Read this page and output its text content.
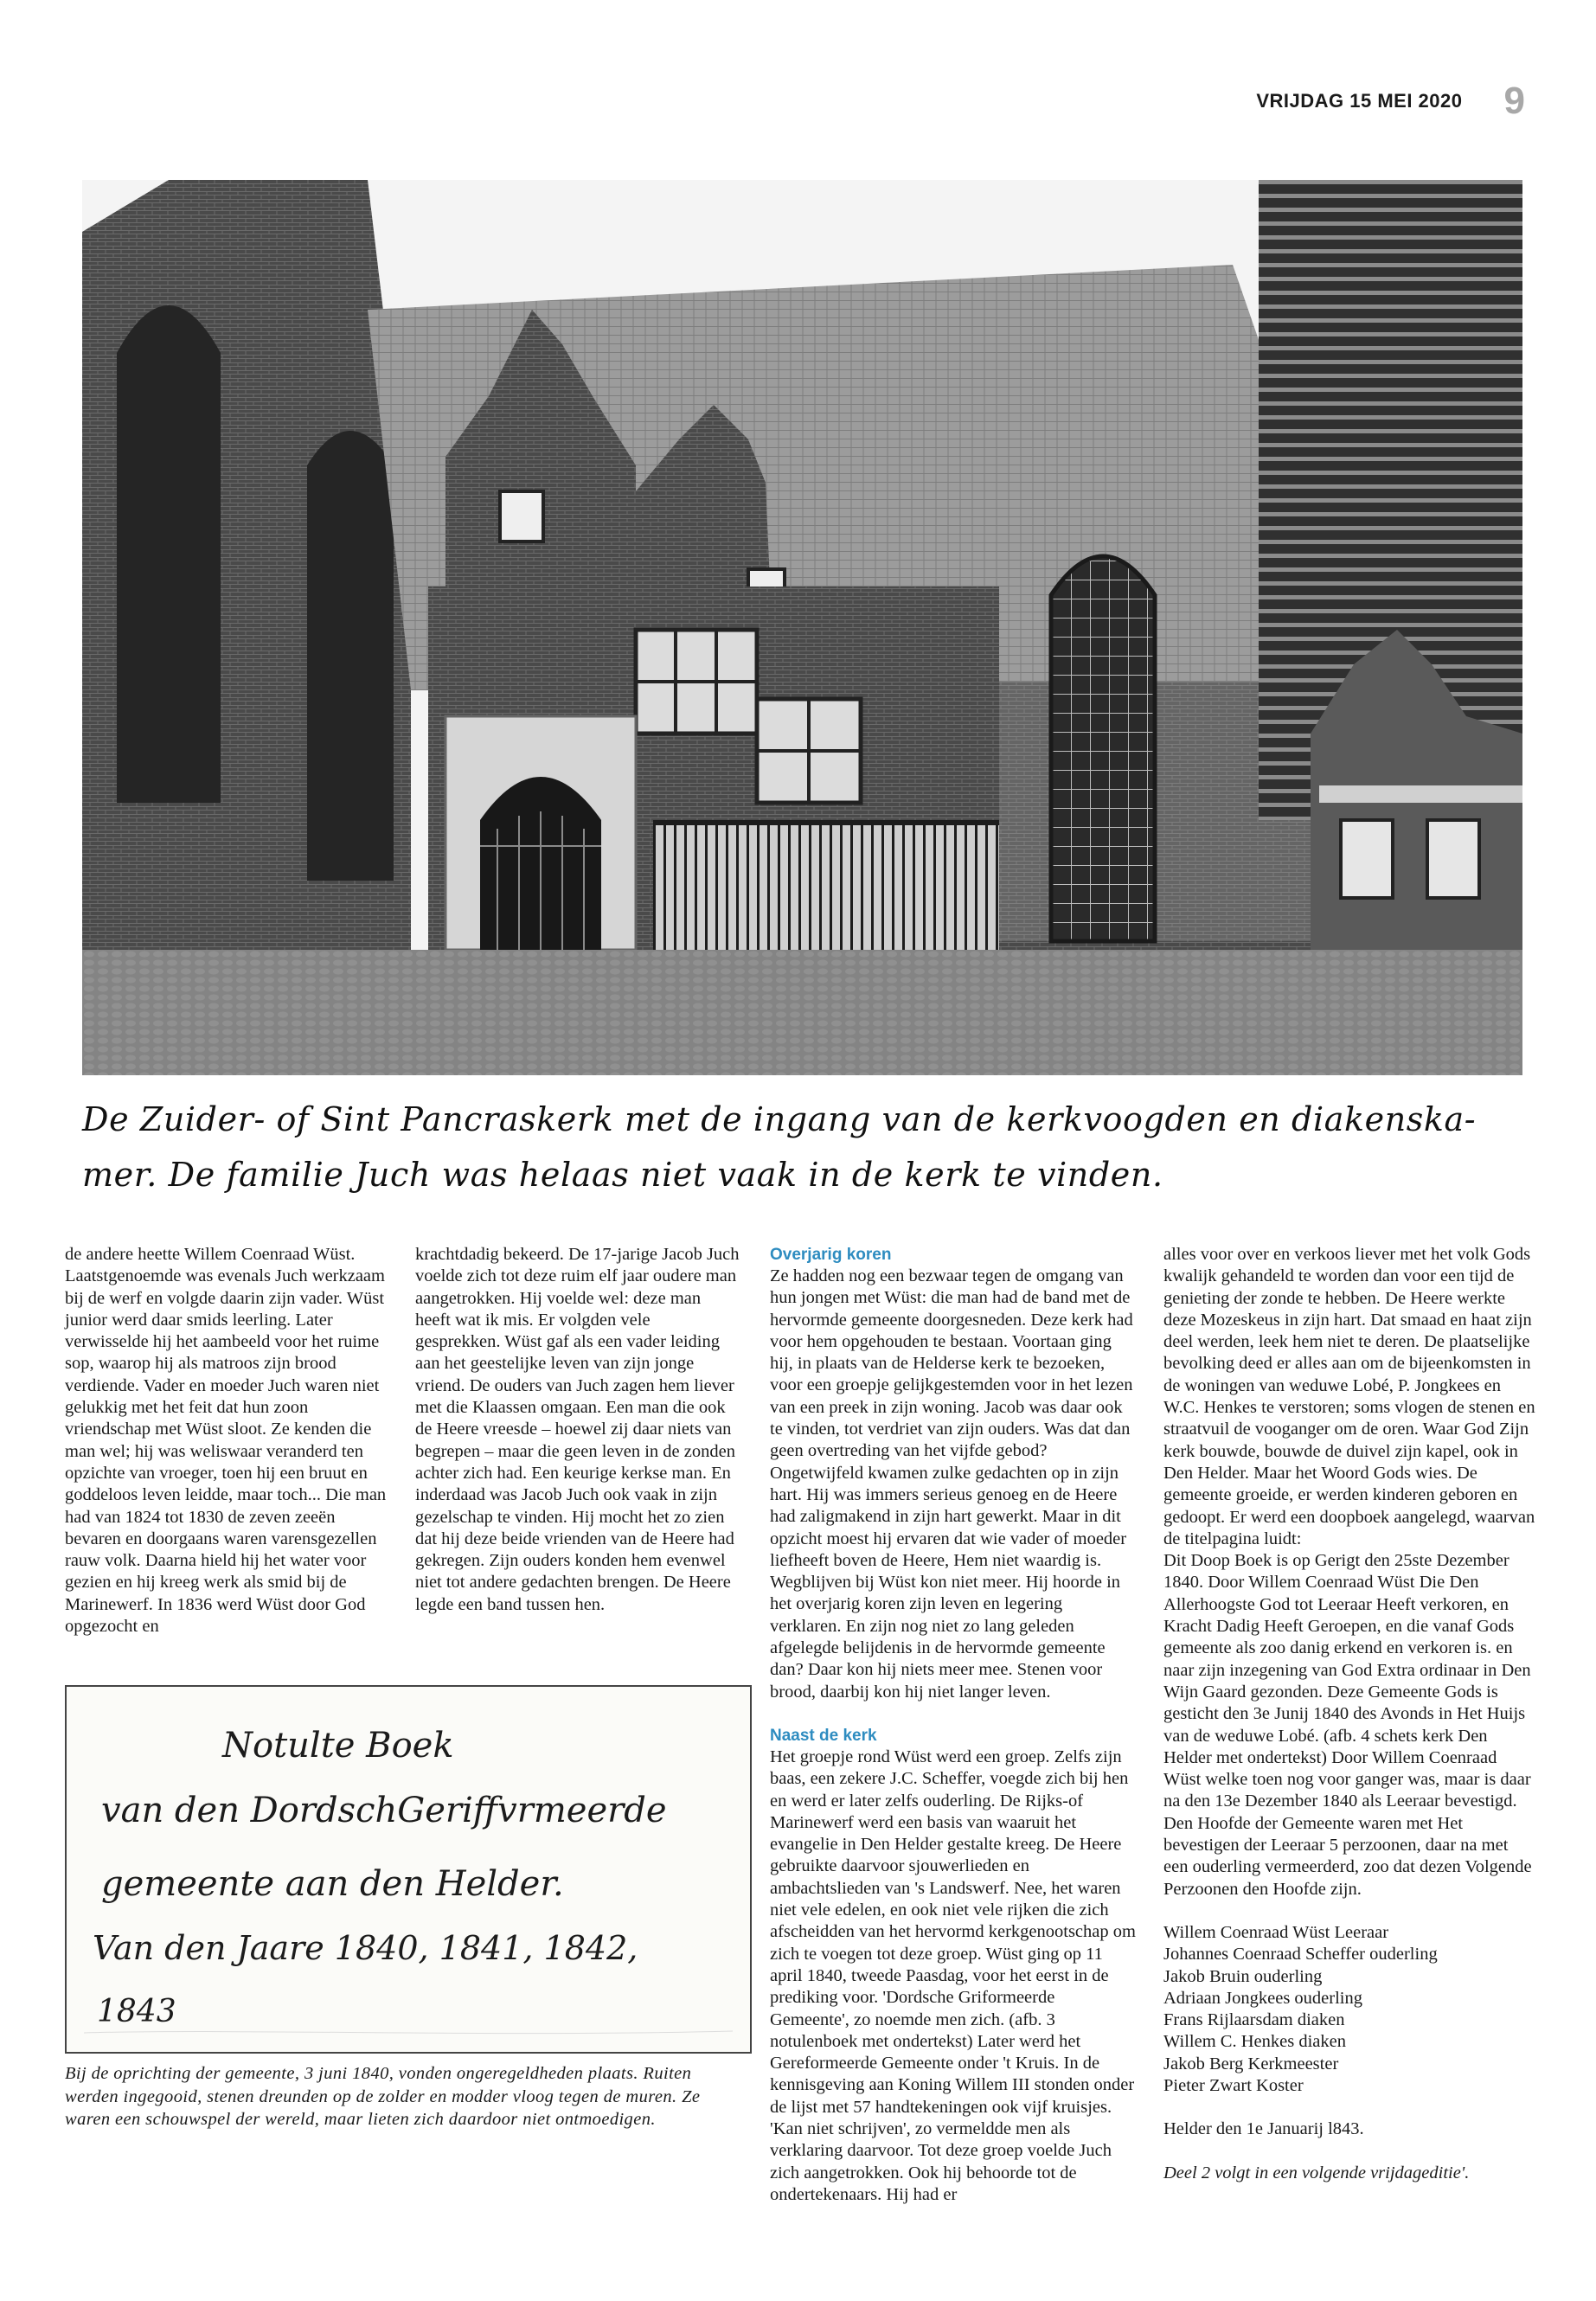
VRIJDAG 15 MEI 2020 9
De Zuider- of Sint Pancraskerk met de ingang van de kerkvoogden en diakenska-
mer. De familie Juch was helaas niet vaak in de kerk te vinden.

de andere heette Willem Coenraad Wüst. Laatstgenoemde was evenals Juch werkzaam bij de werf en volgde daarin zijn vader. Wüst junior werd daar smids leerling. Later verwisselde hij het aambeeld voor het ruime sop, waarop hij als matroos zijn brood verdiende. Vader en moeder Juch waren niet gelukkig met het feit dat hun zoon vriendschap met Wüst sloot. Ze kenden die man wel; hij was weliswaar veranderd ten opzichte van vroeger, toen hij een bruut en goddeloos leven leidde, maar toch... Die man had van 1824 tot 1830 de zeven zeeën bevaren en doorgaans waren varensgezellen rauw volk. Daarna hield hij het water voor gezien en hij kreeg werk als smid bij de Marinewerf. In 1836 werd Wüst door God opgezocht en

krachtdadig bekeerd. De 17-jarige Jacob Juch voelde zich tot deze ruim elf jaar oudere man aangetrokken. Hij voelde wel: deze man heeft wat ik mis. Er volgden vele gesprekken. Wüst gaf als een vader leiding aan het geestelijke leven van zijn jonge vriend. De ouders van Juch zagen hem liever met die Klaassen omgaan. Een man die ook de Heere vreesde – hoewel zij daar niets van begrepen – maar die geen leven in de zonden achter zich had. Een keurige kerkse man. En inderdaad was Jacob Juch ook vaak in zijn gezelschap te vinden. Hij mocht het zo zien dat hij deze beide vrienden van de Heere had gekregen. Zijn ouders konden hem evenwel niet tot andere gedachten brengen. De Heere legde een band tussen hen.

Overjarig koren

Ze hadden nog een bezwaar tegen de omgang van hun jongen met Wüst: die man had de band met de hervormde gemeente doorgesneden. Deze kerk had voor hem opgehouden te bestaan. Voortaan ging hij, in plaats van de Helderse kerk te bezoeken, voor een groepje gelijkgestemden voor in het lezen van een preek in zijn woning. Jacob was daar ook te vinden, tot verdriet van zijn ouders. Was dat dan geen overtreding van het vijfde gebod? Ongetwijfeld kwamen zulke gedachten op in zijn hart. Hij was immers serieus genoeg en de Heere had zaligmakend in zijn hart gewerkt. Maar in dit opzicht moest hij ervaren dat wie vader of moeder liefheeft boven de Heere, Hem niet waardig is. Wegblijven bij Wüst kon niet meer. Hij hoorde in het overjarig koren zijn leven en legering verklaren. En zijn nog niet zo lang geleden afgelegde belijdenis in de hervormde gemeente dan? Daar kon hij niets meer mee. Stenen voor brood, daarbij kon hij niet langer leven.

Naast de kerk

Het groepje rond Wüst werd een groep. Zelfs zijn baas, een zekere J.C. Scheffer, voegde zich bij hen en werd er later zelfs ouderling. De Rijks-of Marinewerf werd een basis van waaruit het evangelie in Den Helder gestalte kreeg. De Heere gebruikte daarvoor sjouwerlieden en ambachtslieden van 's Landswerf. Nee, het waren niet vele edelen, en ook niet vele rijken die zich afscheidden van het hervormd kerkgenootschap om zich te voegen tot deze groep. Wüst ging op 11 april 1840, tweede Paasdag, voor het eerst in de prediking voor. 'Dordsche Griformeerde Gemeente', zo noemde men zich. (afb. 3 notulenboek met ondertekst) Later werd het Gereformeerde Gemeente onder 't Kruis. In de kennisgeving aan Koning Willem III stonden onder de lijst met 57 handtekeningen ook vijf kruisjes. 'Kan niet schrijven', zo vermeldde men als verklaring daarvoor. Tot deze groep voelde Juch zich aangetrokken. Ook hij behoorde tot de ondertekenaars. Hij had er

alles voor over en verkoos liever met het volk Gods kwalijk gehandeld te worden dan voor een tijd de genieting der zonde te hebben. De Heere werkte deze Mozeskeus in zijn hart. Dat smaad en haat zijn deel werden, leek hem niet te deren. De plaatselijke bevolking deed er alles aan om de bijeenkomsten in de woningen van weduwe Lobé, P. Jongkees en W.C. Henkes te verstoren; soms vlogen de stenen en straatvuil de vooganger om de oren. Waar God Zijn kerk bouwde, bouwde de duivel zijn kapel, ook in Den Helder. Maar het Woord Gods wies. De gemeente groeide, er werden kinderen geboren en gedoopt. Er werd een doopboek aangelegd, waarvan de titelpagina luidt:

Dit Doop Boek is op Gerigt den 25ste Dezember 1840. Door Willem Coenraad Wüst Die Den Allerhoogste God tot Leeraar Heeft verkoren, en Kracht Dadig Heeft Geroepen, en die vanaf Gods gemeente als zoo danig erkend en verkoren is. en naar zijn inzegening van God Extra ordinaar in Den Wijn Gaard gezonden. Deze Gemeente Gods is gesticht den 3e Junij 1840 des Avonds in Het Huijs van de weduwe Lobé. (afb. 4 schets kerk Den Helder met ondertekst) Door Willem Coenraad Wüst welke toen nog voor ganger was, maar is daar na den 13e Dezember 1840 als Leeraar bevestigd. Den Hoofde der Gemeente waren met Het bevestigen der Leeraar 5 perzoonen, daar na met een ouderling vermeerderd, zoo dat dezen Volgende Perzoonen den Hoofde zijn.

Willem Coenraad Wüst Leeraar

Johannes Coenraad Scheffer ouderling

Jakob Bruin ouderling

Adriaan Jongkees ouderling

Frans Rijlaarsdam diaken

Willem C. Henkes diaken

Jakob Berg Kerkmeester

Pieter Zwart Koster

Helder den 1e Januarij l843.

Deel 2 volgt in een volgende vrijdageditie'.

Notulte Boek
van den DordschGeriffvrmeerde
gemeente aan den Helder.
Van den Jaare 1840, 1841, 1842,
1843
Bij de oprichting der gemeente, 3 juni 1840, vonden ongeregeldheden plaats. Ruiten werden ingegooid, stenen dreunden op de zolder en modder vloog tegen de muren. Ze waren een schouwspel der wereld, maar lieten zich daardoor niet ontmoedigen.
